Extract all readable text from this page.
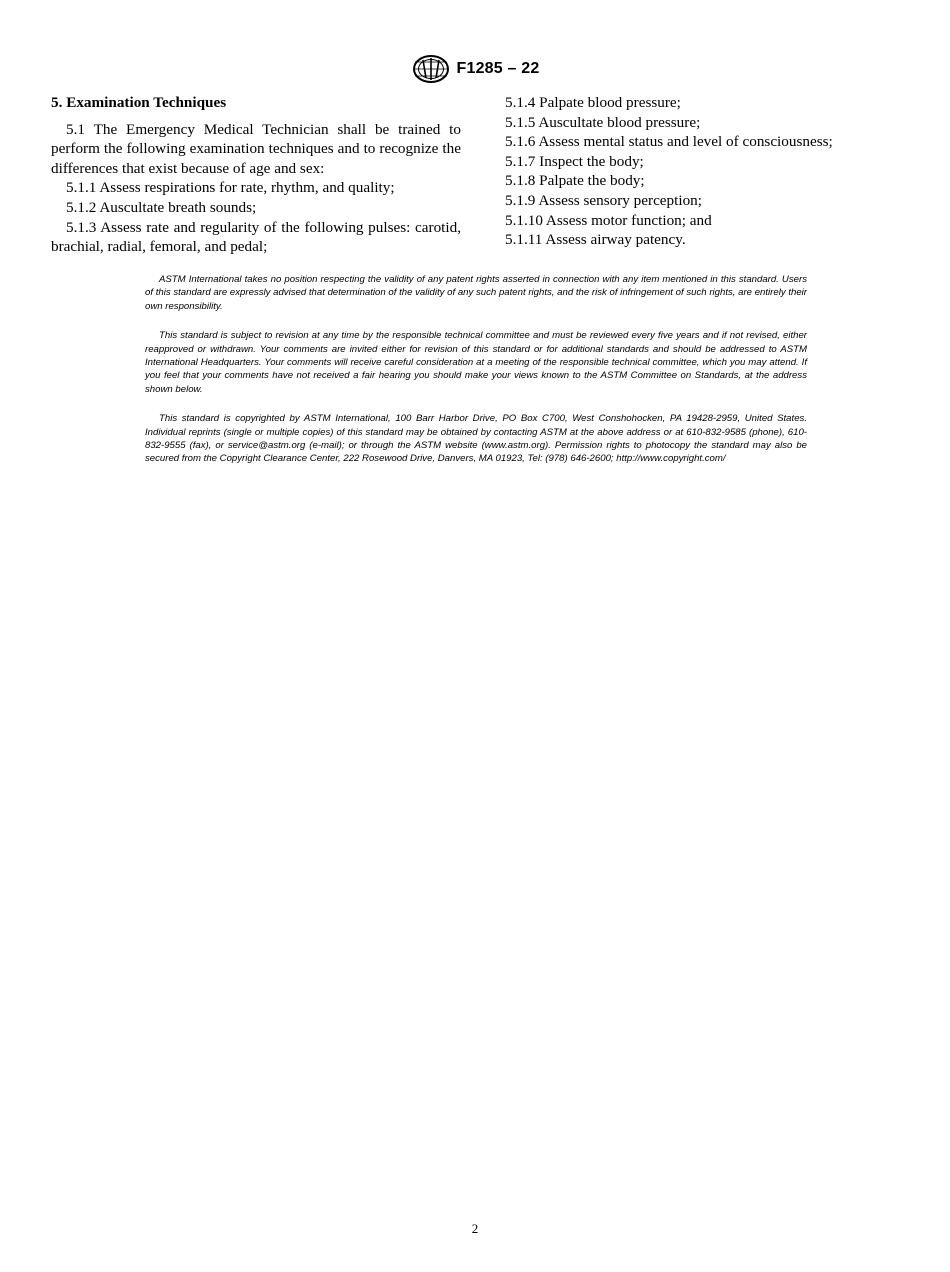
F1285 – 22

5. Examination Techniques

5.1 The Emergency Medical Technician shall be trained to perform the following examination techniques and to recognize the differences that exist because of age and sex:

5.1.1 Assess respirations for rate, rhythm, and quality;

5.1.2 Auscultate breath sounds;

5.1.3 Assess rate and regularity of the following pulses: carotid, brachial, radial, femoral, and pedal;

5.1.4 Palpate blood pressure;

5.1.5 Auscultate blood pressure;

5.1.6 Assess mental status and level of consciousness;

5.1.7 Inspect the body;

5.1.8 Palpate the body;

5.1.9 Assess sensory perception;

5.1.10 Assess motor function; and

5.1.11 Assess airway patency.

ASTM International takes no position respecting the validity of any patent rights asserted in connection with any item mentioned in this standard. Users of this standard are expressly advised that determination of the validity of any such patent rights, and the risk of infringement of such rights, are entirely their own responsibility.

This standard is subject to revision at any time by the responsible technical committee and must be reviewed every five years and if not revised, either reapproved or withdrawn. Your comments are invited either for revision of this standard or for additional standards and should be addressed to ASTM International Headquarters. Your comments will receive careful consideration at a meeting of the responsible technical committee, which you may attend. If you feel that your comments have not received a fair hearing you should make your views known to the ASTM Committee on Standards, at the address shown below.

This standard is copyrighted by ASTM International, 100 Barr Harbor Drive, PO Box C700, West Conshohocken, PA 19428-2959, United States. Individual reprints (single or multiple copies) of this standard may be obtained by contacting ASTM at the above address or at 610-832-9585 (phone), 610-832-9555 (fax), or service@astm.org (e-mail); or through the ASTM website (www.astm.org). Permission rights to photocopy the standard may also be secured from the Copyright Clearance Center, 222 Rosewood Drive, Danvers, MA 01923, Tel: (978) 646-2600; http://www.copyright.com/

2
